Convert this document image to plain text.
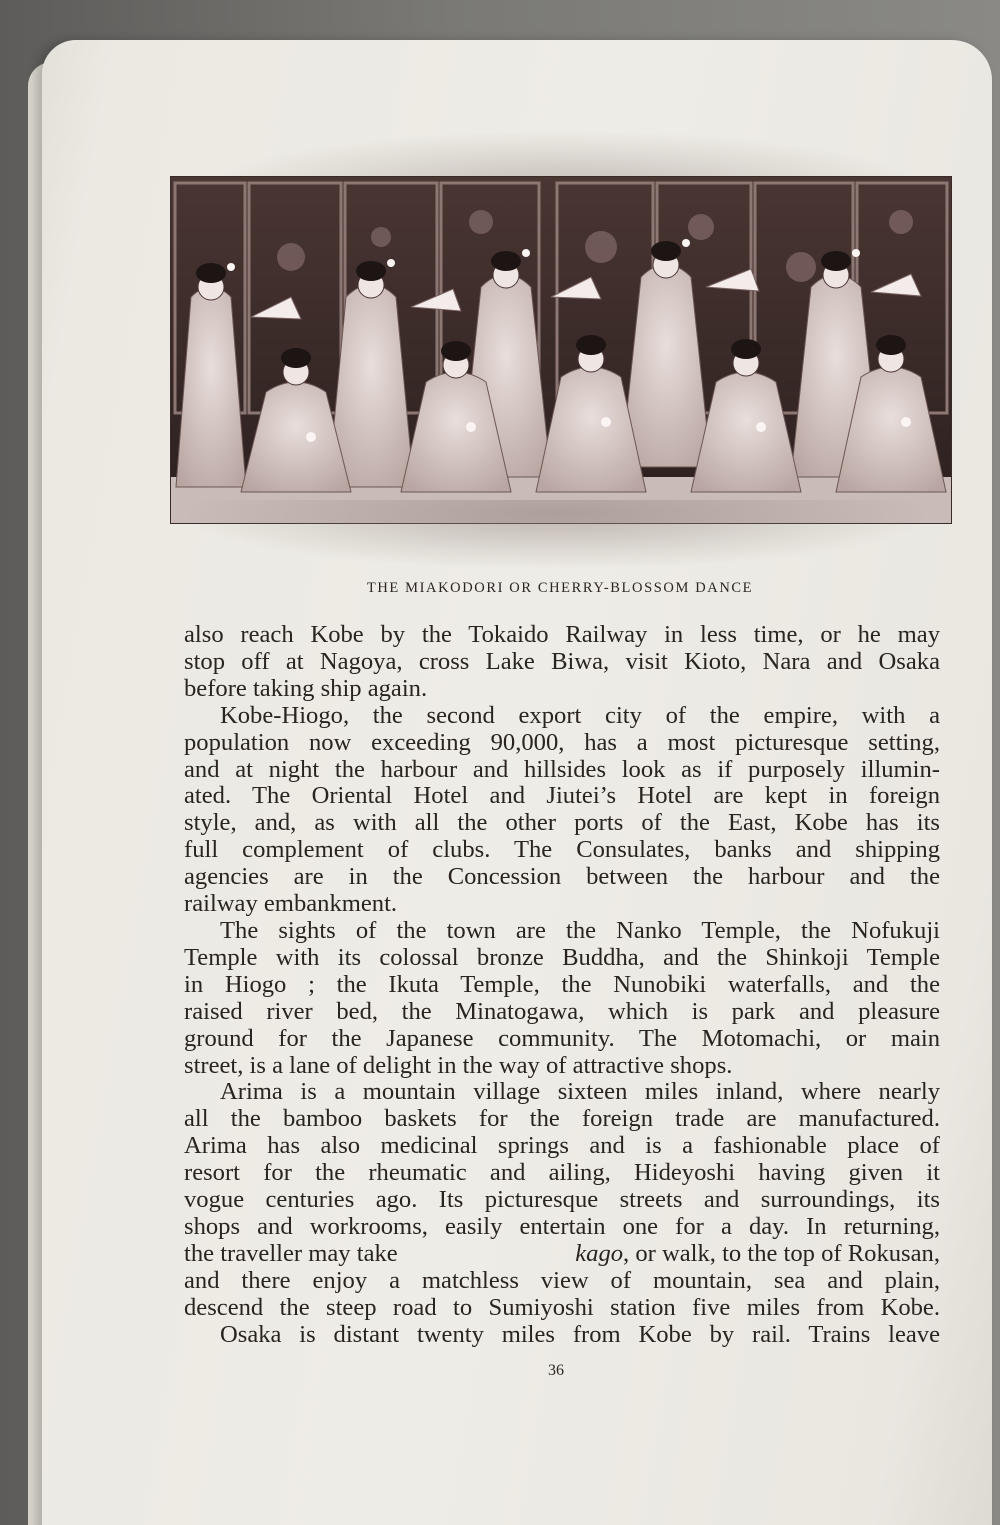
THE MIAKODORI OR CHERRY-BLOSSOM DANCE

also reach Kobe by the Tokaido Railway in less time, or he may
stop off at Nagoya, cross Lake Biwa, visit Kioto, Nara and Osaka
before taking ship again.

Kobe-Hiogo, the second export city of the empire, with a
population now exceeding 90,000, has a most picturesque setting,
and at night the harbour and hillsides look as if purposely illumin-
ated. The Oriental Hotel and Jiutei’s Hotel are kept in foreign
style, and, as with all the other ports of the East, Kobe has its
full complement of clubs. The Consulates, banks and shipping
agencies are in the Concession between the harbour and the
railway embankment.

The sights of the town are the Nanko Temple, the Nofukuji
Temple with its colossal bronze Buddha, and the Shinkoji Temple
in Hiogo ; the Ikuta Temple, the Nunobiki waterfalls, and the
raised river bed, the Minatogawa, which is park and pleasure
ground for the Japanese community. The Motomachi, or main
street, is a lane of delight in the way of attractive shops.

Arima is a mountain village sixteen miles inland, where nearly
all the bamboo baskets for the foreign trade are manufactured.
Arima has also medicinal springs and is a fashionable place of
resort for the rheumatic and ailing, Hideyoshi having given it
vogue centuries ago. Its picturesque streets and surroundings, its
shops and workrooms, easily entertain one for a day. In returning,
the traveller may take	kago, or walk, to the top of Rokusan,
and there enjoy a matchless view of mountain, sea and plain,
descend the steep road to Sumiyoshi station five miles from Kobe.

Osaka is distant twenty miles from Kobe by rail. Trains leave

36
